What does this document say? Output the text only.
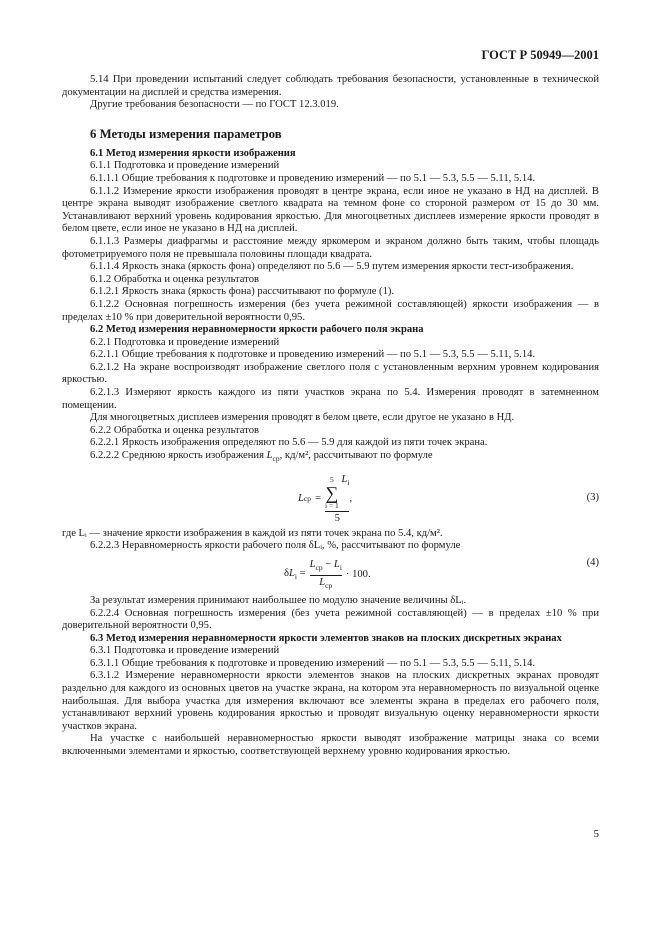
ГОСТ Р 50949—2001

5.14 При проведении испытаний следует соблюдать требования безопасности, установленные в технической документации на дисплей и средства измерения.

Другие требования безопасности — по ГОСТ 12.3.019.

6 Методы измерения параметров

6.1 Метод измерения яркости изображения

6.1.1 Подготовка и проведение измерений

6.1.1.1 Общие требования к подготовке и проведению измерений — по 5.1 — 5.3, 5.5 — 5.11, 5.14.

6.1.1.2 Измерение яркости изображения проводят в центре экрана, если иное не указано в НД на дисплей. В центре экрана выводят изображение светлого квадрата на темном фоне со стороной размером от 15 до 30 мм. Устанавливают верхний уровень кодирования яркостью. Для многоцветных дисплеев измерение яркости проводят в белом цвете, если иное не указано в НД на дисплей.

6.1.1.3 Размеры диафрагмы и расстояние между яркомером и экраном должно быть таким, чтобы площадь фотометрируемого поля не превышала половины площади квадрата.

6.1.1.4 Яркость знака (яркость фона) определяют по 5.6 — 5.9 путем измерения яркости тест-изображения.

6.1.2 Обработка и оценка результатов

6.1.2.1 Яркость знака (яркость фона) рассчитывают по формуле (1).

6.1.2.2 Основная погрешность измерения (без учета режимной составляющей) яркости изображения — в пределах ±10 % при доверительной вероятности 0,95.

6.2 Метод измерения неравномерности яркости рабочего поля экрана

6.2.1 Подготовка и проведение измерений

6.2.1.1 Общие требования к подготовке и проведению измерений — по 5.1 — 5.3, 5.5 — 5.11, 5.14.

6.2.1.2 На экране воспроизводят изображение светлого поля с установленным верхним уровнем кодирования яркостью.

6.2.1.3 Измеряют яркость каждого из пяти участков экрана по 5.4. Измерения проводят в затемненном помещении.

Для многоцветных дисплеев измерения проводят в белом цвете, если другое не указано в НД.

6.2.2 Обработка и оценка результатов

6.2.2.1 Яркость изображения определяют по 5.6 — 5.9 для каждой из пяти точек экрана.

6.2.2.2 Среднюю яркость изображения $L_{ср}$, кд/м², рассчитывают по формуле

L ср = 5
∑
i = 1
$L_i$
5 ,	(3)

где Lᵢ — значение яркости изображения в каждой из пяти точек экрана по 5.4, кд/м².

6.2.2.3 Неравномерность яркости рабочего поля δLᵢ, %, рассчитывают по формуле

$\delta L_i = \frac{L_{ср} - L_i}{L_{ср}} \cdot 100$.
(4)

За результат измерения принимают наибольшее по модулю значение величины δLᵢ.

6.2.2.4 Основная погрешность измерения (без учета режимной составляющей) — в пределах ±10 % при доверительной вероятности 0,95.

6.3 Метод измерения неравномерности яркости элементов знаков на плоских дискретных экранах

6.3.1 Подготовка и проведение измерений

6.3.1.1 Общие требования к подготовке и проведению измерений — по 5.1 — 5.3, 5.5 — 5.11, 5.14.

6.3.1.2 Измерение неравномерности яркости элементов знаков на плоских дискретных экранах проводят раздельно для каждого из основных цветов на участке экрана, на котором эта неравномерность по визуальной оценке наибольшая. Для выбора участка для измерения включают все элементы экрана в пределах его рабочего поля, устанавливают верхний уровень кодирования яркостью и проводят визуальную оценку неравномерности яркости участков экрана.

На участке с наибольшей неравномерностью яркости выводят изображение матрицы знака со всеми включенными элементами и яркостью, соответствующей верхнему уровню кодирования яркостью.

5
